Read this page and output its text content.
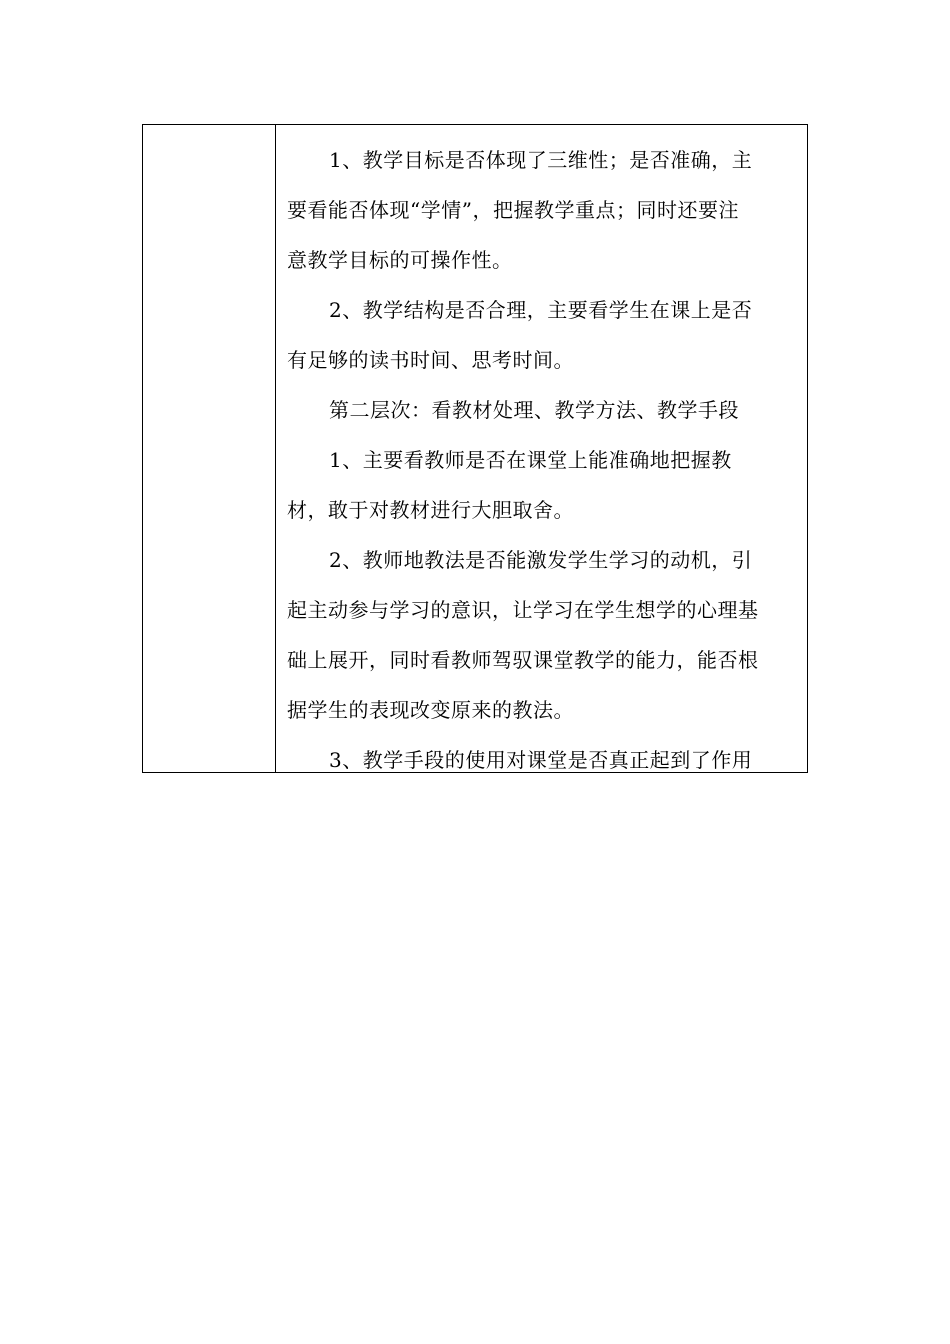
1、教学目标是否体现了三维性；是否准确，主
要看能否体现“学情”，把握教学重点；同时还要注
意教学目标的可操作性。
2、教学结构是否合理，主要看学生在课上是否
有足够的读书时间、思考时间。
第二层次：看教材处理、教学方法、教学手段
1、主要看教师是否在课堂上能准确地把握教
材，敢于对教材进行大胆取舍。
2、教师地教法是否能激发学生学习的动机，引
起主动参与学习的意识，让学习在学生想学的心理基
础上展开，同时看教师驾驭课堂教学的能力，能否根
据学生的表现改变原来的教法。
3、教学手段的使用对课堂是否真正起到了作用
